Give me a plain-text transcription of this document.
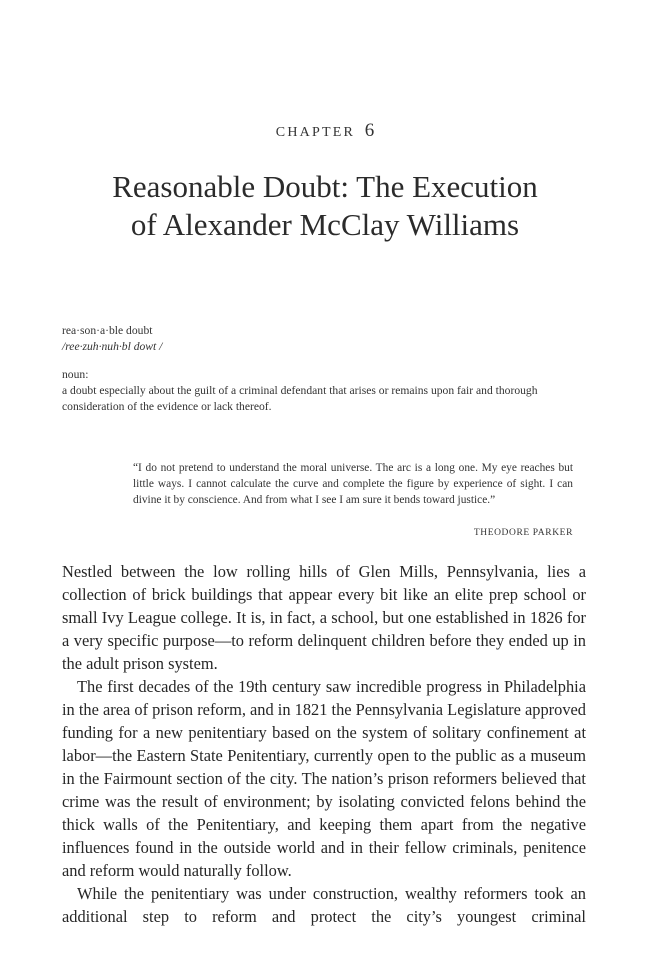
CHAPTER 6
Reasonable Doubt: The Execution
of Alexander McClay Williams
rea·son·a·ble doubt
/ree·zuh·nuh·bl dowt /
noun:
a doubt especially about the guilt of a criminal defendant that arises or remains upon fair and thorough consideration of the evidence or lack thereof.
“I do not pretend to understand the moral universe. The arc is a long one. My eye reaches but little ways. I cannot calculate the curve and complete the figure by experience of sight. I can divine it by conscience. And from what I see I am sure it bends toward justice.”
THEODORE PARKER

Nestled between the low rolling hills of Glen Mills, Pennsylvania, lies a collection of brick buildings that appear every bit like an elite prep school or small Ivy League college. It is, in fact, a school, but one established in 1826 for a very specific purpose—to reform delinquent children before they ended up in the adult prison system.

The first decades of the 19th century saw incredible progress in Philadelphia in the area of prison reform, and in 1821 the Pennsylvania Legislature approved funding for a new penitentiary based on the system of solitary confinement at labor—the Eastern State Penitentiary, currently open to the public as a museum in the Fairmount section of the city. The nation’s prison reformers believed that crime was the result of environment; by isolating convicted felons behind the thick walls of the Penitentiary, and keeping them apart from the negative influences found in the outside world and in their fellow criminals, penitence and reform would naturally follow.

While the penitentiary was under construction, wealthy reformers took an additional step to reform and protect the city’s youngest criminal
